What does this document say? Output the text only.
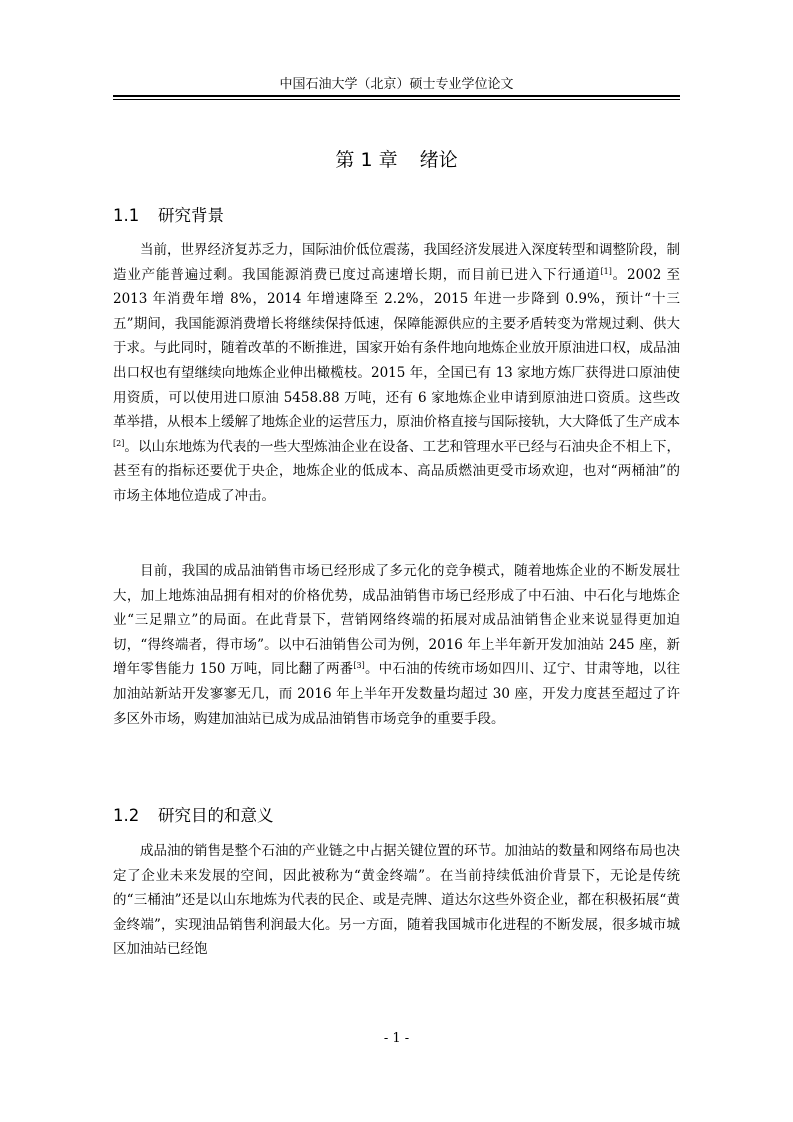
中国石油大学（北京）硕士专业学位论文
第 1 章 绪论
1.1 研究背景

当前，世界经济复苏乏力，国际油价低位震荡，我国经济发展进入深度转型和调整阶段，制造业产能普遍过剩。我国能源消费已度过高速增长期，而目前已进入下行通道[1]。2002 至 2013 年消费年增 8%，2014 年增速降至 2.2%，2015 年进一步降到 0.9%，预计“十三五”期间，我国能源消费增长将继续保持低速，保障能源供应的主要矛盾转变为常规过剩、供大于求。与此同时，随着改革的不断推进，国家开始有条件地向地炼企业放开原油进口权，成品油出口权也有望继续向地炼企业伸出橄榄枝。2015 年，全国已有 13 家地方炼厂获得进口原油使用资质，可以使用进口原油 5458.88 万吨，还有 6 家地炼企业申请到原油进口资质。这些改革举措，从根本上缓解了地炼企业的运营压力，原油价格直接与国际接轨，大大降低了生产成本[2]。以山东地炼为代表的一些大型炼油企业在设备、工艺和管理水平已经与石油央企不相上下，甚至有的指标还要优于央企，地炼企业的低成本、高品质燃油更受市场欢迎，也对“两桶油”的市场主体地位造成了冲击。

目前，我国的成品油销售市场已经形成了多元化的竞争模式，随着地炼企业的不断发展壮大，加上地炼油品拥有相对的价格优势，成品油销售市场已经形成了中石油、中石化与地炼企业“三足鼎立”的局面。在此背景下，营销网络终端的拓展对成品油销售企业来说显得更加迫切，“得终端者，得市场”。以中石油销售公司为例，2016 年上半年新开发加油站 245 座，新增年零售能力 150 万吨，同比翻了两番[3]。中石油的传统市场如四川、辽宁、甘肃等地，以往加油站新站开发寥寥无几，而 2016 年上半年开发数量均超过 30 座，开发力度甚至超过了许多区外市场，购建加油站已成为成品油销售市场竞争的重要手段。

1.2 研究目的和意义

成品油的销售是整个石油的产业链之中占据关键位置的环节。加油站的数量和网络布局也决定了企业未来发展的空间，因此被称为“黄金终端”。在当前持续低油价背景下，无论是传统的“三桶油”还是以山东地炼为代表的民企、或是壳牌、道达尔这些外资企业，都在积极拓展“黄金终端”，实现油品销售利润最大化。另一方面，随着我国城市化进程的不断发展，很多城市城区加油站已经饱

- 1 -
